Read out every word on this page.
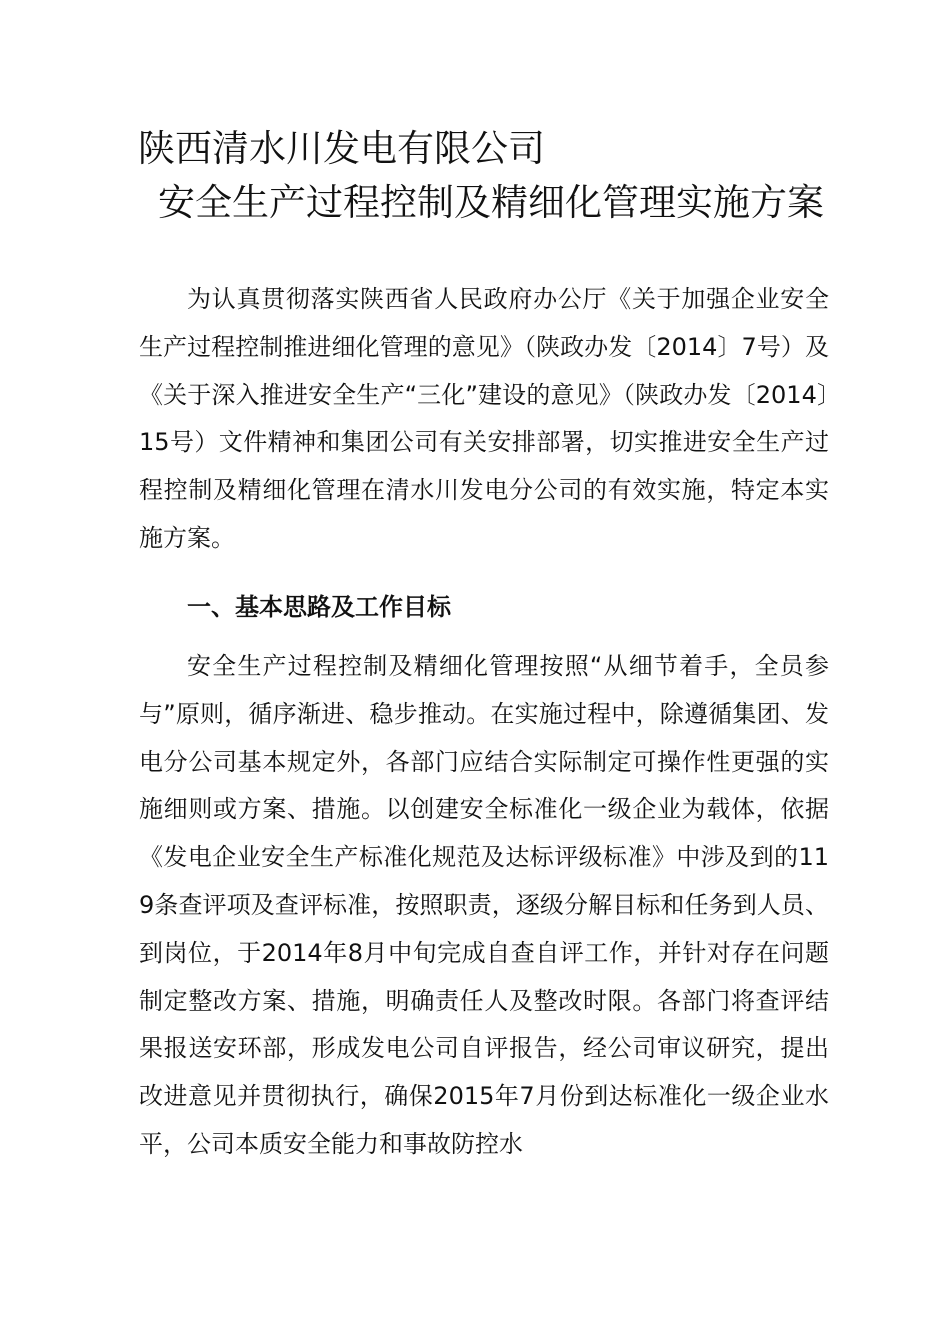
陕西清水川发电有限公司
安全生产过程控制及精细化管理实施方案
为认真贯彻落实陕西省人民政府办公厅《关于加强企业安全生产过程控制推进细化管理的意见》（陕政办发〔2014〕7号）及《关于深入推进安全生产“三化”建设的意见》（陕政办发〔2014〕15号）文件精神和集团公司有关安排部署，切实推进安全生产过程控制及精细化管理在清水川发电分公司的有效实施，特定本实施方案。
一、基本思路及工作目标
安全生产过程控制及精细化管理按照“从细节着手，全员参与”原则，循序渐进、稳步推动。在实施过程中，除遵循集团、发电分公司基本规定外，各部门应结合实际制定可操作性更强的实施细则或方案、措施。以创建安全标准化一级企业为载体，依据《发电企业安全生产标准化规范及达标评级标准》中涉及到的119条查评项及查评标准，按照职责，逐级分解目标和任务到人员、到岗位，于2014年8月中旬完成自查自评工作，并针对存在问题制定整改方案、措施，明确责任人及整改时限。各部门将查评结果报送安环部，形成发电公司自评报告，经公司审议研究，提出改进意见并贯彻执行，确保2015年7月份到达标准化一级企业水平，公司本质安全能力和事故防控水
